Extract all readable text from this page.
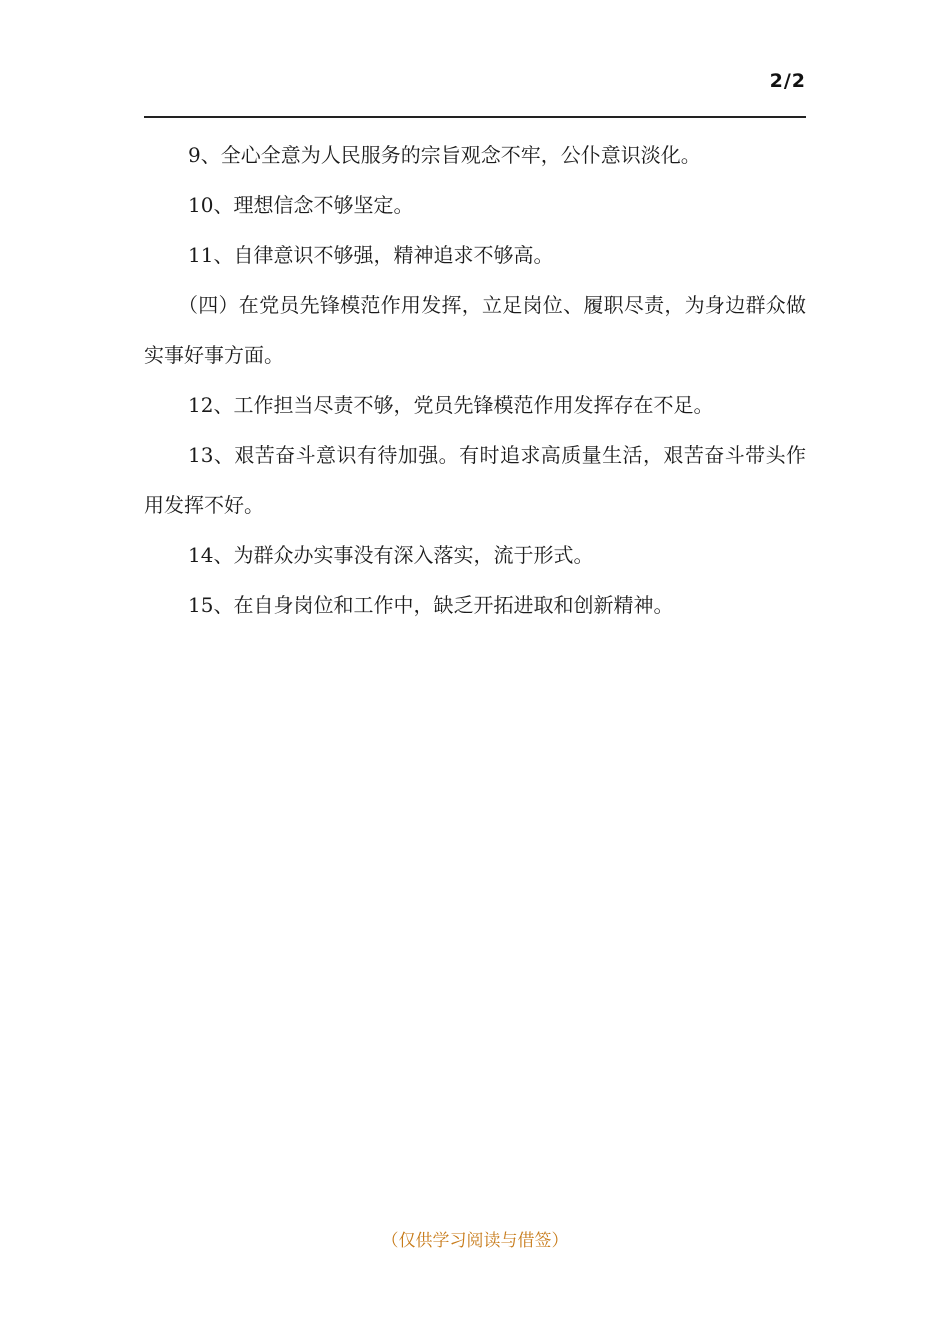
2/2

9、全心全意为人民服务的宗旨观念不牢，公仆意识淡化。

10、理想信念不够坚定。

11、自律意识不够强，精神追求不够高。

（四）在党员先锋模范作用发挥，立足岗位、履职尽责，为身边群众做实事好事方面。

12、工作担当尽责不够，党员先锋模范作用发挥存在不足。

13、艰苦奋斗意识有待加强。有时追求高质量生活，艰苦奋斗带头作用发挥不好。

14、为群众办实事没有深入落实，流于形式。

15、在自身岗位和工作中，缺乏开拓进取和创新精神。

（仅供学习阅读与借签）
